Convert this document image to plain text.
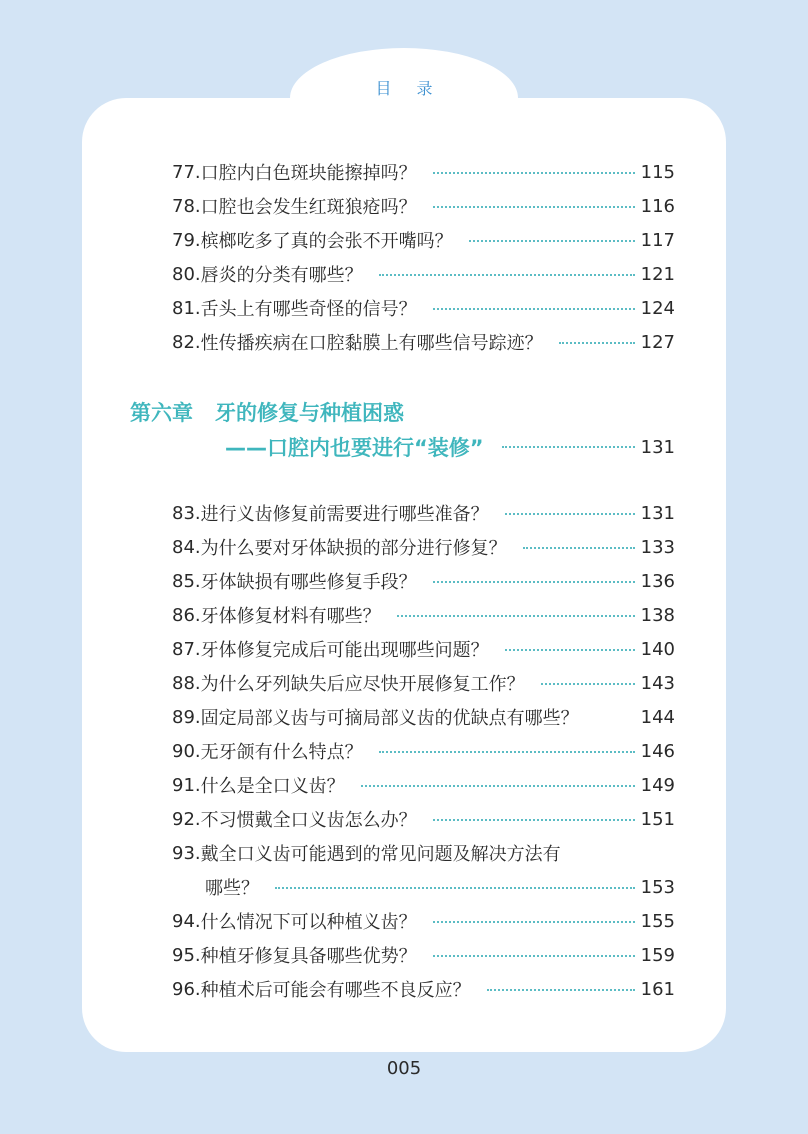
目 录
77. 口腔内白色斑块能擦掉吗？	115
78. 口腔也会发生红斑狼疮吗？	116
79. 槟榔吃多了真的会张不开嘴吗？	117
80. 唇炎的分类有哪些？	121
81. 舌头上有哪些奇怪的信号？	124
82. 性传播疾病在口腔黏膜上有哪些信号踪迹？	127
第六章 牙的修复与种植困惑
——口腔内也要进行“装修”	131
83. 进行义齿修复前需要进行哪些准备？	131
84. 为什么要对牙体缺损的部分进行修复？	133
85. 牙体缺损有哪些修复手段？	136
86. 牙体修复材料有哪些？	138
87. 牙体修复完成后可能出现哪些问题？	140
88. 为什么牙列缺失后应尽快开展修复工作？	143
89. 固定局部义齿与可摘局部义齿的优缺点有哪些？	144
90. 无牙颌有什么特点？	146
91. 什么是全口义齿？	149
92. 不习惯戴全口义齿怎么办？	151
93. 戴全口义齿可能遇到的常见问题及解决方法有
哪些？	153
94. 什么情况下可以种植义齿？	155
95. 种植牙修复具备哪些优势？	159
96. 种植术后可能会有哪些不良反应？	161
005
